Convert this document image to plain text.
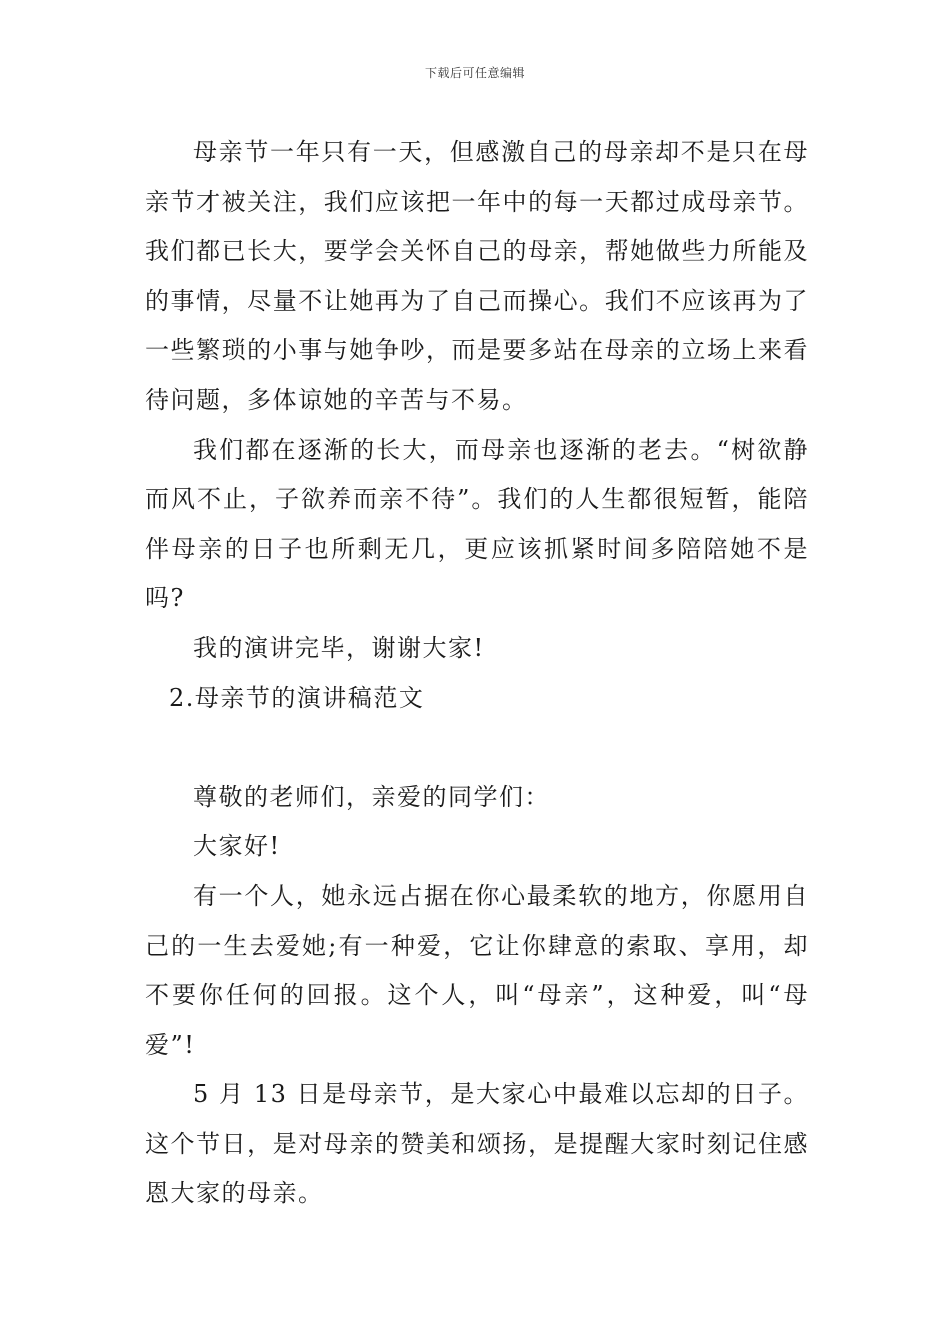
下载后可任意编辑

母亲节一年只有一天，但感激自己的母亲却不是只在母亲节才被关注，我们应该把一年中的每一天都过成母亲节。我们都已长大，要学会关怀自己的母亲，帮她做些力所能及的事情，尽量不让她再为了自己而操心。我们不应该再为了一些繁琐的小事与她争吵，而是要多站在母亲的立场上来看待问题，多体谅她的辛苦与不易。

我们都在逐渐的长大，而母亲也逐渐的老去。“树欲静而风不止，子欲养而亲不待”。我们的人生都很短暂，能陪伴母亲的日子也所剩无几，更应该抓紧时间多陪陪她不是吗?

我的演讲完毕，谢谢大家!

2.母亲节的演讲稿范文

尊敬的老师们，亲爱的同学们：

大家好!

有一个人，她永远占据在你心最柔软的地方，你愿用自己的一生去爱她;有一种爱，它让你肆意的索取、享用，却不要你任何的回报。这个人，叫“母亲”，这种爱，叫“母爱”!

5 月 13 日是母亲节，是大家心中最难以忘却的日子。这个节日，是对母亲的赞美和颂扬，是提醒大家时刻记住感恩大家的母亲。
